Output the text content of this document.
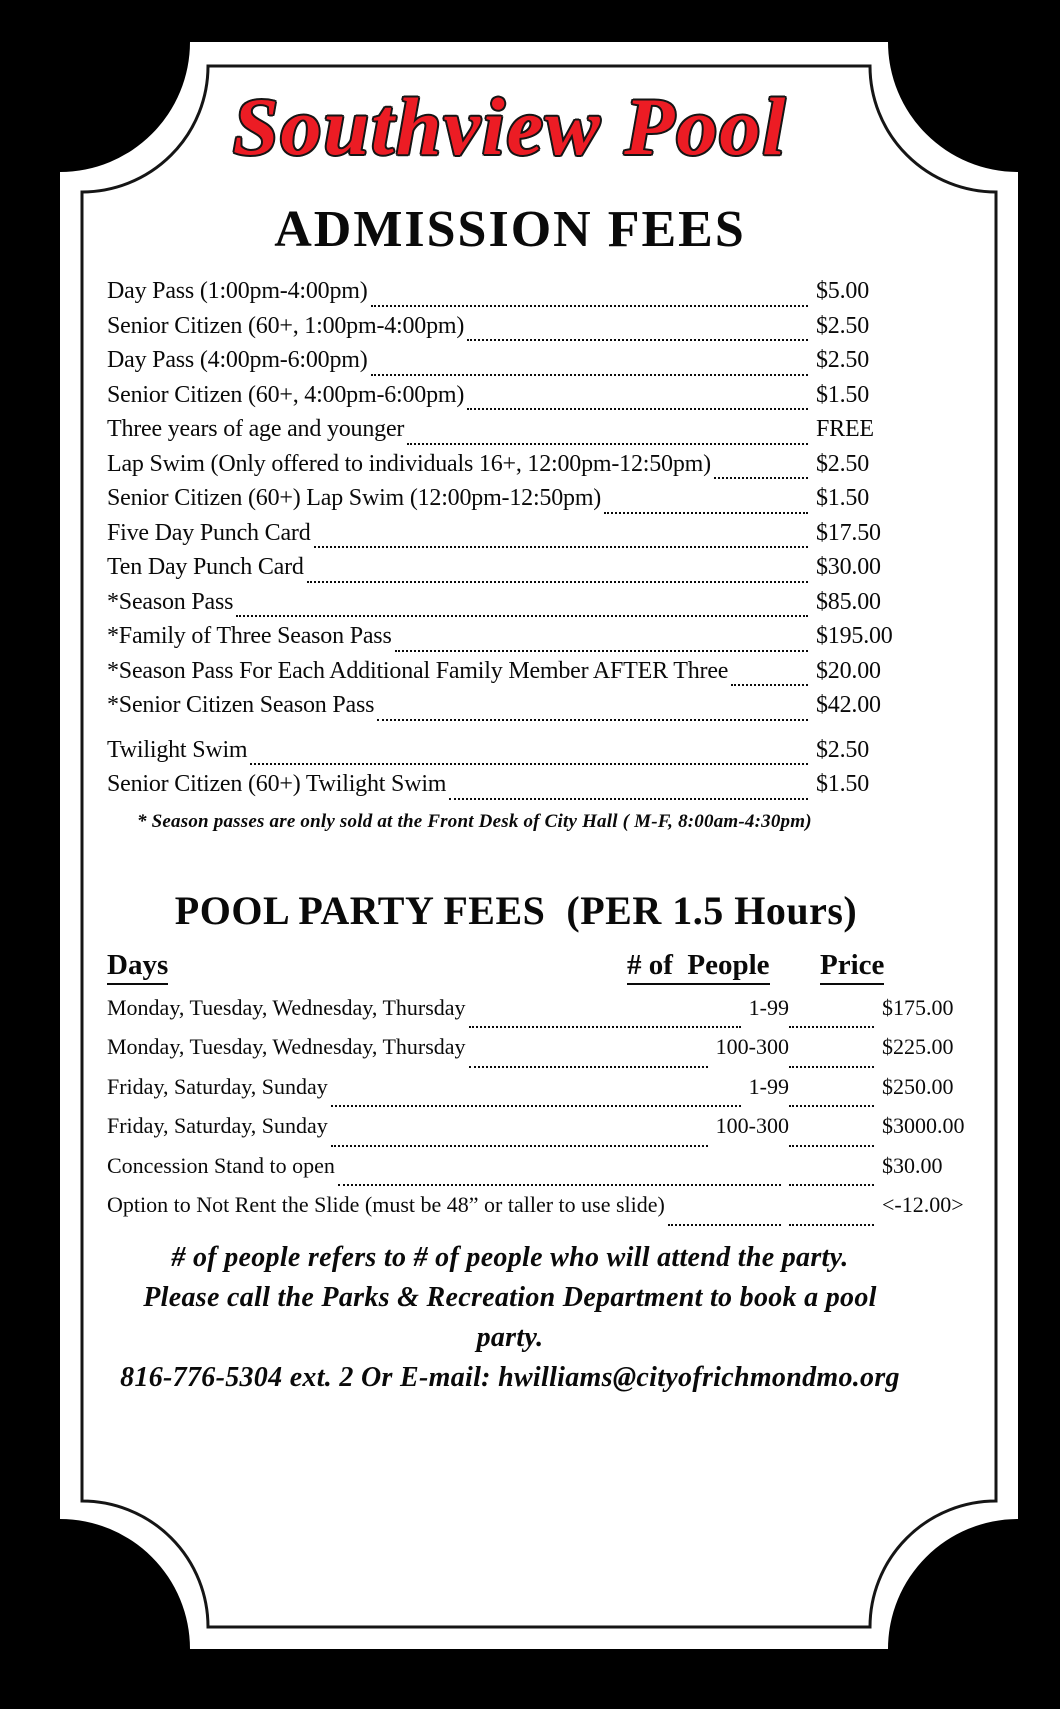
Southview Pool
ADMISSION FEES
Day Pass (1:00pm-4:00pm)	$5.00
Senior Citizen (60+, 1:00pm-4:00pm)	$2.50
Day Pass (4:00pm-6:00pm)	$2.50
Senior Citizen (60+, 4:00pm-6:00pm)	$1.50
Three years of age and younger	FREE
Lap Swim (Only offered to individuals 16+, 12:00pm-12:50pm)	$2.50
Senior Citizen (60+) Lap Swim (12:00pm-12:50pm)	$1.50
Five Day Punch Card	$17.50
Ten Day Punch Card	$30.00
*Season Pass	$85.00
*Family of Three Season Pass	$195.00
*Season Pass For Each Additional Family Member AFTER Three	$20.00
*Senior Citizen Season Pass	$42.00
Twilight Swim	$2.50
Senior Citizen (60+) Twilight Swim	$1.50
* Season passes are only sold at the Front Desk of City Hall ( M-F, 8:00am-4:30pm)
POOL PARTY FEES  (PER 1.5 Hours)
Days	# of  People Price
Monday, Tuesday, Wednesday, Thursday	1-99	$175.00
Monday, Tuesday, Wednesday, Thursday	100-300	$225.00
Friday, Saturday, Sunday	1-99	$250.00
Friday, Saturday, Sunday	100-300	$3000.00
Concession Stand to open	$30.00
Option to Not Rent the Slide (must be 48” or taller to use slide)	<-12.00>
# of people refers to # of people who will attend the party.
Please call the Parks & Recreation Department to book a pool party.
816-776-5304 ext. 2 Or E-mail: hwilliams@cityofrichmondmo.org
